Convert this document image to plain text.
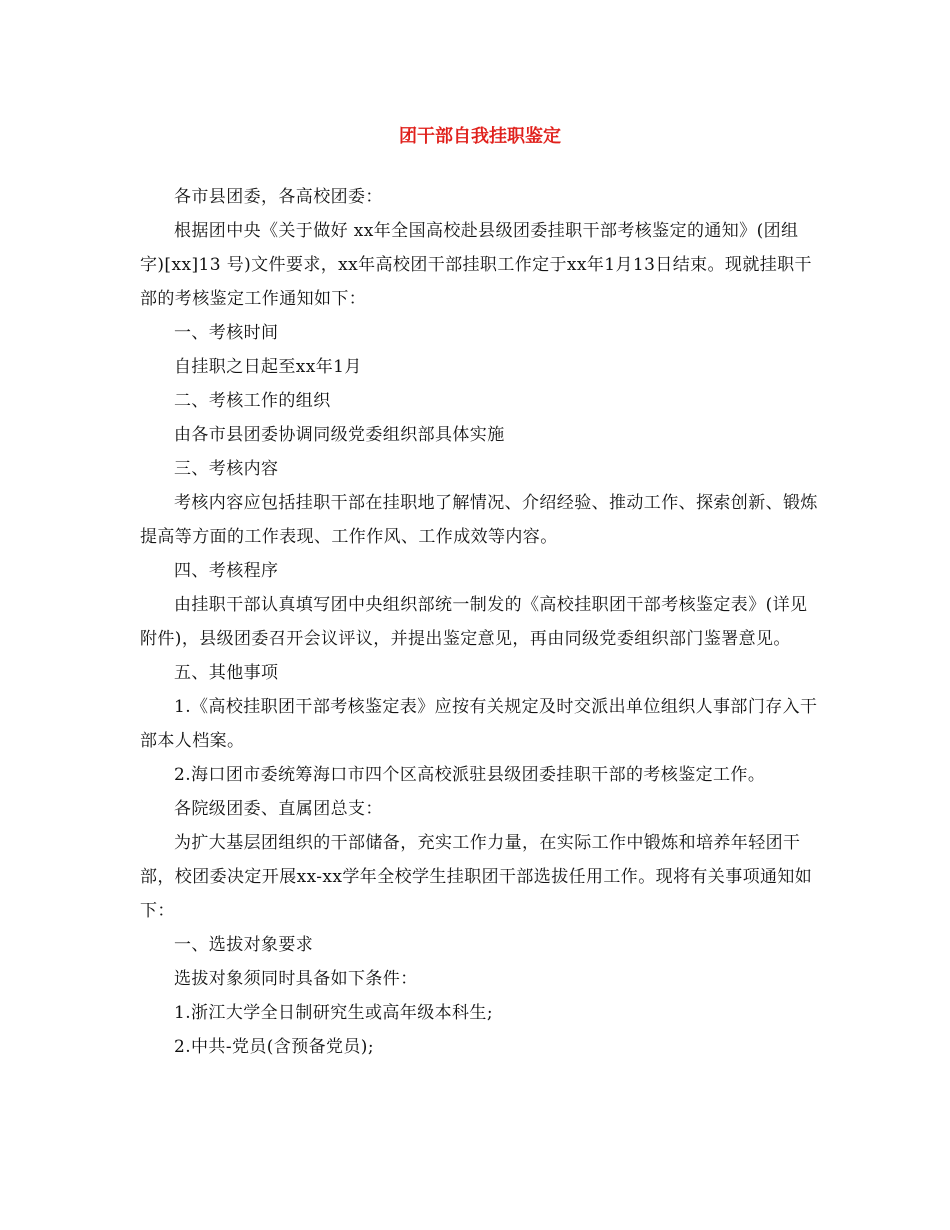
团干部自我挂职鉴定

各市县团委，各高校团委：

根据团中央《关于做好 xx年全国高校赴县级团委挂职干部考核鉴定的通知》(团组字)[xx]13 号)文件要求，xx年高校团干部挂职工作定于xx年1月13日结束。现就挂职干部的考核鉴定工作通知如下：

一、考核时间

自挂职之日起至xx年1月

二、考核工作的组织

由各市县团委协调同级党委组织部具体实施

三、考核内容

考核内容应包括挂职干部在挂职地了解情况、介绍经验、推动工作、探索创新、锻炼提高等方面的工作表现、工作作风、工作成效等内容。

四、考核程序

由挂职干部认真填写团中央组织部统一制发的《高校挂职团干部考核鉴定表》(详见附件)，县级团委召开会议评议，并提出鉴定意见，再由同级党委组织部门鉴署意见。

五、其他事项

1.《高校挂职团干部考核鉴定表》应按有关规定及时交派出单位组织人事部门存入干部本人档案。

2.海口团市委统筹海口市四个区高校派驻县级团委挂职干部的考核鉴定工作。

各院级团委、直属团总支：

为扩大基层团组织的干部储备，充实工作力量，在实际工作中锻炼和培养年轻团干部，校团委决定开展xx-xx学年全校学生挂职团干部选拔任用工作。现将有关事项通知如下：

一、选拔对象要求

选拔对象须同时具备如下条件：

1.浙江大学全日制研究生或高年级本科生;

2.中共-党员(含预备党员);
